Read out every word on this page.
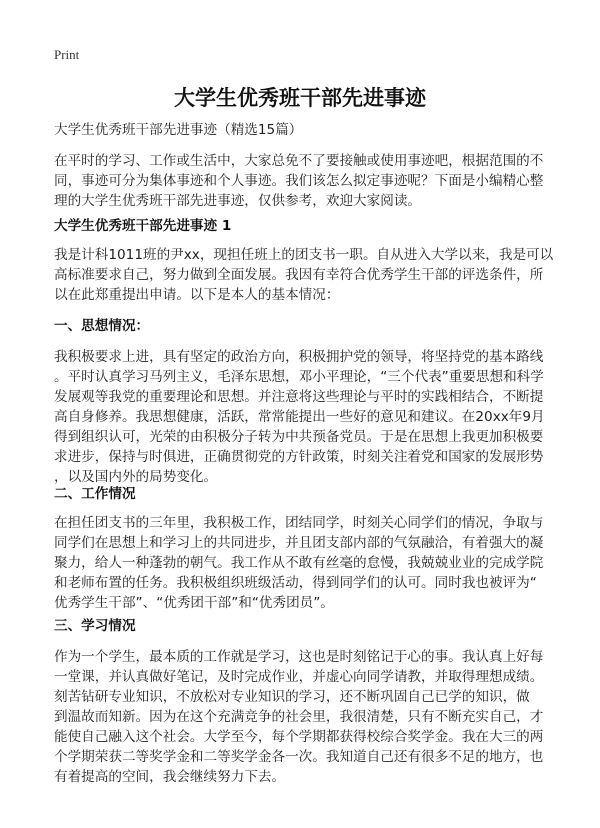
Print
大学生优秀班干部先进事迹
大学生优秀班干部先进事迹（精选15篇）
在平时的学习、工作或生活中，大家总免不了要接触或使用事迹吧，根据范围的不
同，事迹可分为集体事迹和个人事迹。我们该怎么拟定事迹呢？下面是小编精心整
理的大学生优秀班干部先进事迹，仅供参考，欢迎大家阅读。
大学生优秀班干部先进事迹 1
我是计科1011班的尹xx，现担任班上的团支书一职。自从进入大学以来，我是可以
高标准要求自己，努力做到全面发展。我因有幸符合优秀学生干部的评选条件，所
以在此郑重提出申请。以下是本人的基本情况：
一、思想情况：
我积极要求上进，具有坚定的政治方向，积极拥护党的领导，将坚持党的基本路线
。平时认真学习马列主义，毛泽东思想，邓小平理论，“三个代表”重要思想和科学
发展观等我党的重要理论和思想。并注意将这些理论与平时的实践相结合，不断提
高自身修养。我思想健康，活跃，常常能提出一些好的意见和建议。在20xx年9月
得到组织认可，光荣的由积极分子转为中共预备党员。于是在思想上我更加积极要
求进步，保持与时俱进，正确贯彻党的方针政策，时刻关注着党和国家的发展形势
，以及国内外的局势变化。
二、工作情况
在担任团支书的三年里，我积极工作，团结同学，时刻关心同学们的情况，争取与
同学们在思想上和学习上的共同进步，并且团支部内部的气氛融洽，有着强大的凝
聚力，给人一种蓬勃的朝气。我工作从不敢有丝毫的怠慢，我兢兢业业的完成学院
和老师布置的任务。我积极组织班级活动，得到同学们的认可。同时我也被评为“
优秀学生干部”、“优秀团干部”和“优秀团员”。
三、学习情况
作为一个学生，最本质的工作就是学习，这也是时刻铭记于心的事。我认真上好每
一堂课，并认真做好笔记，及时完成作业，并虚心向同学请教，并取得理想成绩。
刻苦钻研专业知识，不放松对专业知识的学习，还不断巩固自己已学的知识，做
到温故而知新。因为在这个充满竞争的社会里，我很清楚，只有不断充实自己，才
能使自己融入这个社会。大学至今，每个学期都获得校综合奖学金。我在大三的两
个学期荣获二等奖学金和二等奖学金各一次。我知道自己还有很多不足的地方，也
有着提高的空间，我会继续努力下去。
